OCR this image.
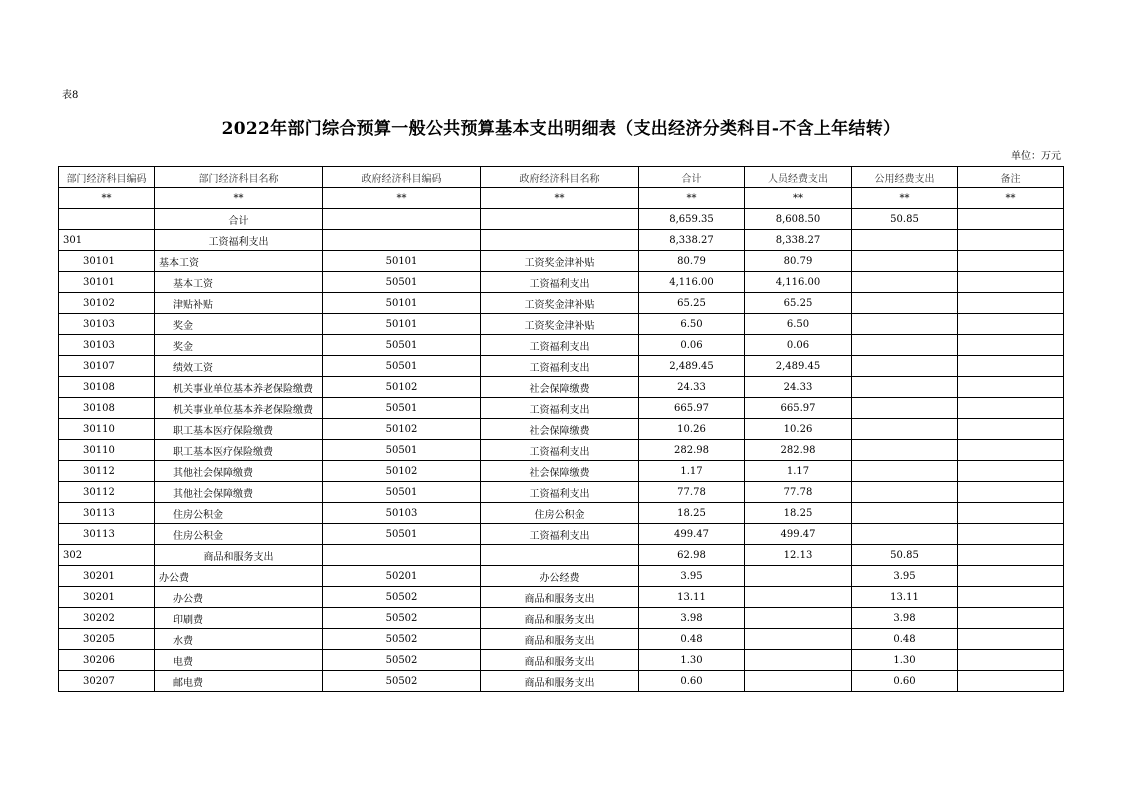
表8
2022年部门综合预算一般公共预算基本支出明细表（支出经济分类科目-不含上年结转）
单位：万元
部门经济科目编码	部门经济科目名称	政府经济科目编码	政府经济科目名称	合计	人员经费支出	公用经费支出	备注
**	**	**	**	**	**	**	**
	合计			8,659.35	8,608.50	50.85	
301	工资福利支出			8,338.27	8,338.27		
30101	基本工资	50101	工资奖金津补贴	80.79	80.79		
30101	基本工资	50501	工资福利支出	4,116.00	4,116.00		
30102	津贴补贴	50101	工资奖金津补贴	65.25	65.25		
30103	奖金	50101	工资奖金津补贴	6.50	6.50		
30103	奖金	50501	工资福利支出	0.06	0.06		
30107	绩效工资	50501	工资福利支出	2,489.45	2,489.45		
30108	机关事业单位基本养老保险缴费	50102	社会保障缴费	24.33	24.33		
30108	机关事业单位基本养老保险缴费	50501	工资福利支出	665.97	665.97		
30110	职工基本医疗保险缴费	50102	社会保障缴费	10.26	10.26		
30110	职工基本医疗保险缴费	50501	工资福利支出	282.98	282.98		
30112	其他社会保障缴费	50102	社会保障缴费	1.17	1.17		
30112	其他社会保障缴费	50501	工资福利支出	77.78	77.78		
30113	住房公积金	50103	住房公积金	18.25	18.25		
30113	住房公积金	50501	工资福利支出	499.47	499.47		
302	商品和服务支出			62.98	12.13	50.85	
30201	办公费	50201	办公经费	3.95		3.95	
30201	办公费	50502	商品和服务支出	13.11		13.11	
30202	印刷费	50502	商品和服务支出	3.98		3.98	
30205	水费	50502	商品和服务支出	0.48		0.48	
30206	电费	50502	商品和服务支出	1.30		1.30	
30207	邮电费	50502	商品和服务支出	0.60		0.60	
